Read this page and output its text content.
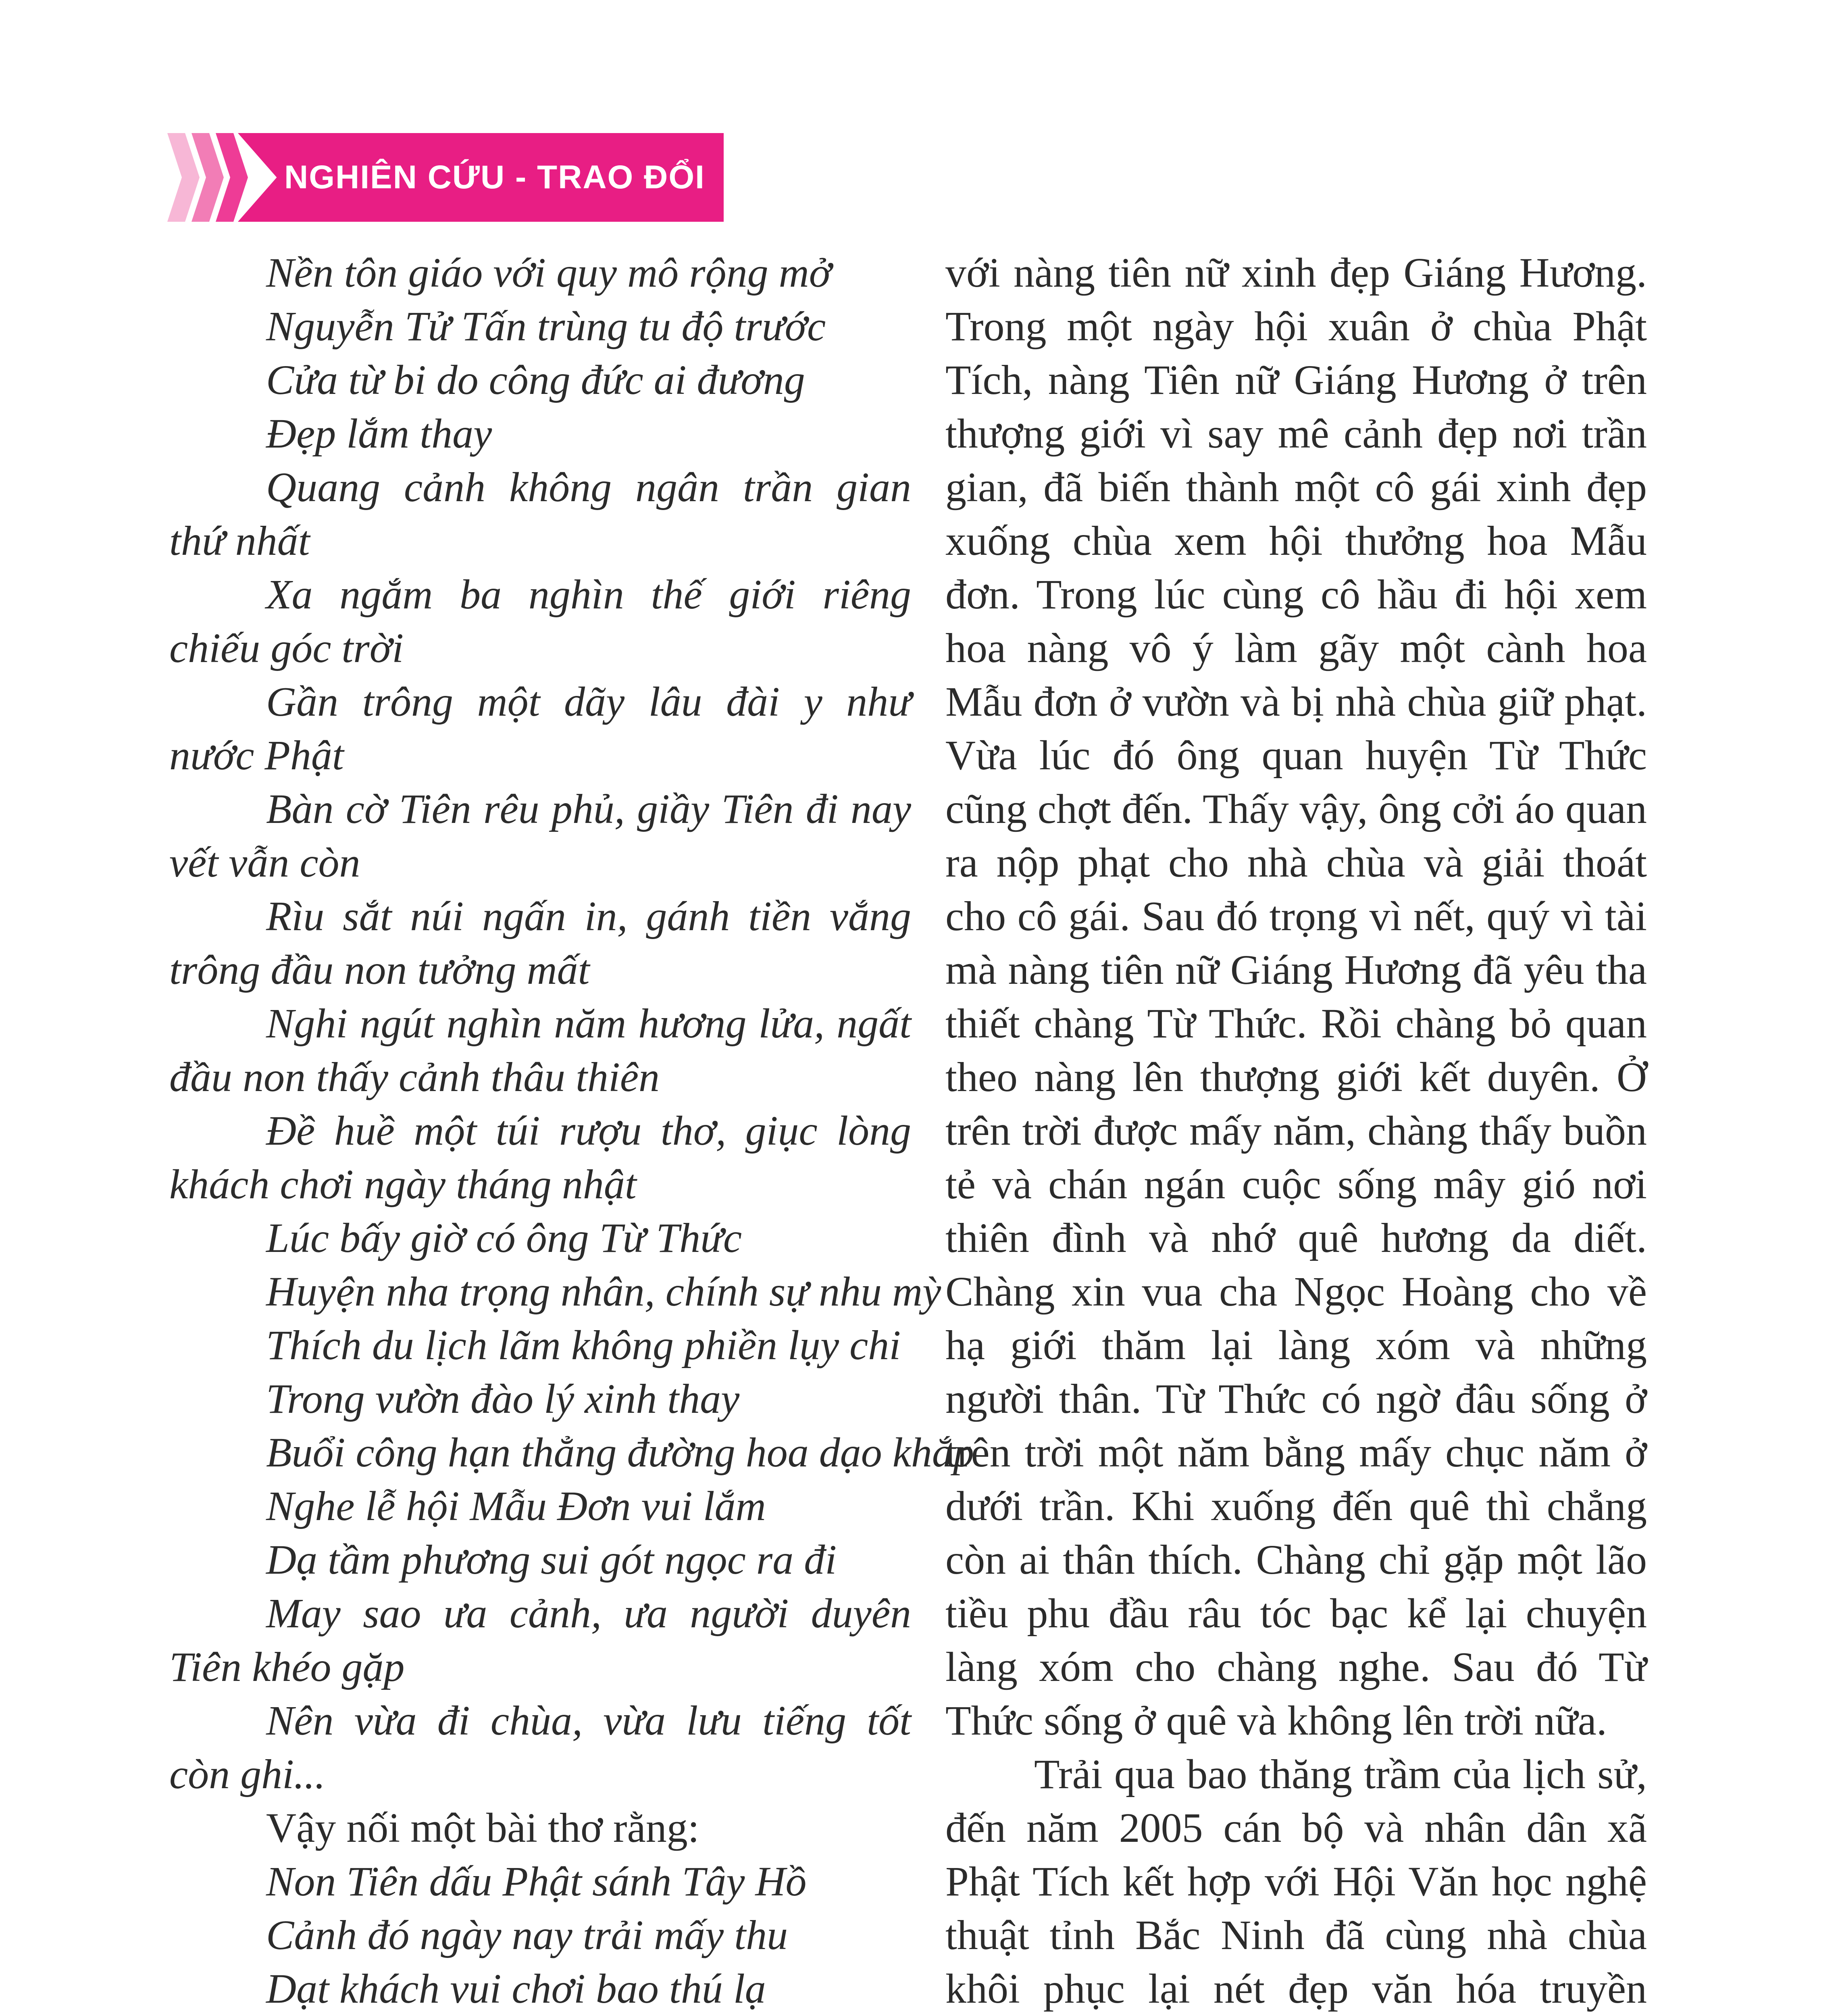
NGHIÊN CỨU - TRAO ĐỔI
Nền tôn giáo với quy mô rộng mở
Nguyễn Tử Tấn trùng tu độ trước
Cửa từ bi do công đức ai đương
Đẹp lắm thay
Quang cảnh không ngân trần gian
thứ nhất
Xa ngắm ba nghìn thế giới riêng
chiếu góc trời
Gần trông một dãy lâu đài y như
nước Phật
Bàn cờ Tiên rêu phủ, giầy Tiên đi nay
vết vẫn còn
Rìu sắt núi ngấn in, gánh tiền vắng
trông đầu non tưởng mất
Nghi ngút nghìn năm hương lửa, ngất
đầu non thấy cảnh thâu thiên
Đề huề một túi rượu thơ, giục lòng
khách chơi ngày tháng nhật
Lúc bấy giờ có ông Từ Thức
Huyện nha trọng nhân, chính sự nhu mỳ
Thích du lịch lãm không phiền lụy chi
Trong vườn đào lý xinh thay
Buổi công hạn thẳng đường hoa dạo khắp
Nghe lễ hội Mẫu Đơn vui lắm
Dạ tầm phương sui gót ngọc ra đi
May sao ưa cảnh, ưa người duyên
Tiên khéo gặp
Nên vừa đi chùa, vừa lưu tiếng tốt
còn ghi...
Vậy nối một bài thơ rằng:
Non Tiên dấu Phật sánh Tây Hồ
Cảnh đó ngày nay trải mấy thu
Dạt khách vui chơi bao thú lạ
với nàng tiên nữ xinh đẹp Giáng Hương. Trong một ngày hội xuân ở chùa Phật Tích, nàng Tiên nữ Giáng Hương ở trên thượng giới vì say mê cảnh đẹp nơi trần gian, đã biến thành một cô gái xinh đẹp xuống chùa xem hội thưởng hoa Mẫu đơn. Trong lúc cùng cô hầu đi hội xem hoa nàng vô ý làm gãy một cành hoa Mẫu đơn ở vườn và bị nhà chùa giữ phạt. Vừa lúc đó ông quan huyện Từ Thức cũng chợt đến. Thấy vậy, ông cởi áo quan ra nộp phạt cho nhà chùa và giải thoát cho cô gái. Sau đó trọng vì nết, quý vì tài mà nàng tiên nữ Giáng Hương đã yêu tha thiết chàng Từ Thức. Rồi chàng bỏ quan theo nàng lên thượng giới kết duyên. Ở trên trời được mấy năm, chàng thấy buồn tẻ và chán ngán cuộc sống mây gió nơi thiên đình và nhớ quê hương da diết. Chàng xin vua cha Ngọc Hoàng cho về hạ giới thăm lại làng xóm và những người thân. Từ Thức có ngờ đâu sống ở trên trời một năm bằng mấy chục năm ở dưới trần. Khi xuống đến quê thì chẳng còn ai thân thích. Chàng chỉ gặp một lão tiều phu đầu râu tóc bạc kể lại chuyện làng xóm cho chàng nghe. Sau đó Từ Thức sống ở quê và không lên trời nữa.
Trải qua bao thăng trầm của lịch sử, đến năm 2005 cán bộ và nhân dân xã Phật Tích kết hợp với Hội Văn học nghệ thuật tỉnh Bắc Ninh đã cùng nhà chùa khôi phục lại nét đẹp văn hóa truyền
